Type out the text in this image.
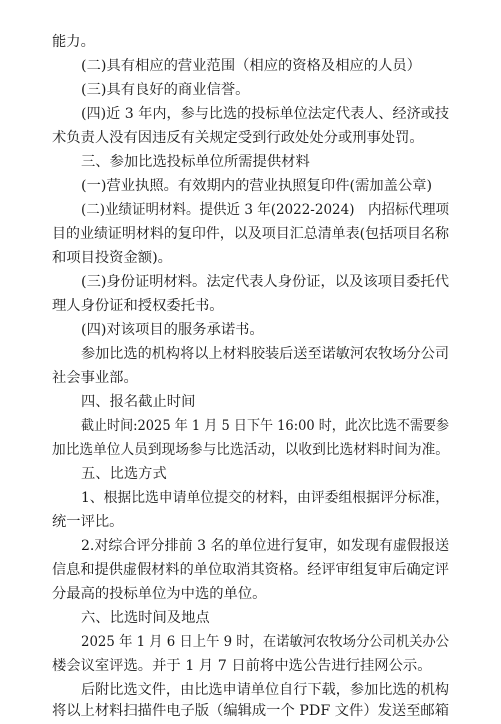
能力。
(二)具有相应的营业范围（相应的资格及相应的人员）
(三)具有良好的商业信誉。
(四)近 3 年内，参与比选的投标单位法定代表人、经济或技
术负责人没有因违反有关规定受到行政处处分或刑事处罚。
三、参加比选投标单位所需提供材料
(一)营业执照。有效期内的营业执照复印件(需加盖公章)
(二)业绩证明材料。提供近 3 年(2022-2024)　内招标代理项
目的业绩证明材料的复印件，以及项目汇总清单表(包括项目名称
和项目投资金额)。
(三)身份证明材料。法定代表人身份证，以及该项目委托代
理人身份证和授权委托书。
(四)对该项目的服务承诺书。
参加比选的机构将以上材料胶装后送至诺敏河农牧场分公司
社会事业部。
四、报名截止时间
截止时间:2025 年 1 月 5 日下午 16:00 时，此次比选不需要参
加比选单位人员到现场参与比选活动，以收到比选材料时间为准。
五、比选方式
1、根据比选申请单位提交的材料，由评委组根据评分标准，
统一评比。
2.对综合评分排前 3 名的单位进行复审，如发现有虚假报送
信息和提供虚假材料的单位取消其资格。经评审组复审后确定评
分最高的投标单位为中选的单位。
六、比选时间及地点
2025 年 1 月 6 日上午 9 时，在诺敏河农牧场分公司机关办公
楼会议室评选。并于 1 月 7 日前将中选公告进行挂网公示。
后附比选文件，由比选申请单位自行下载，参加比选的机构
将以上材料扫描件电子版（编辑成一个 PDF 文件）发送至邮箱
